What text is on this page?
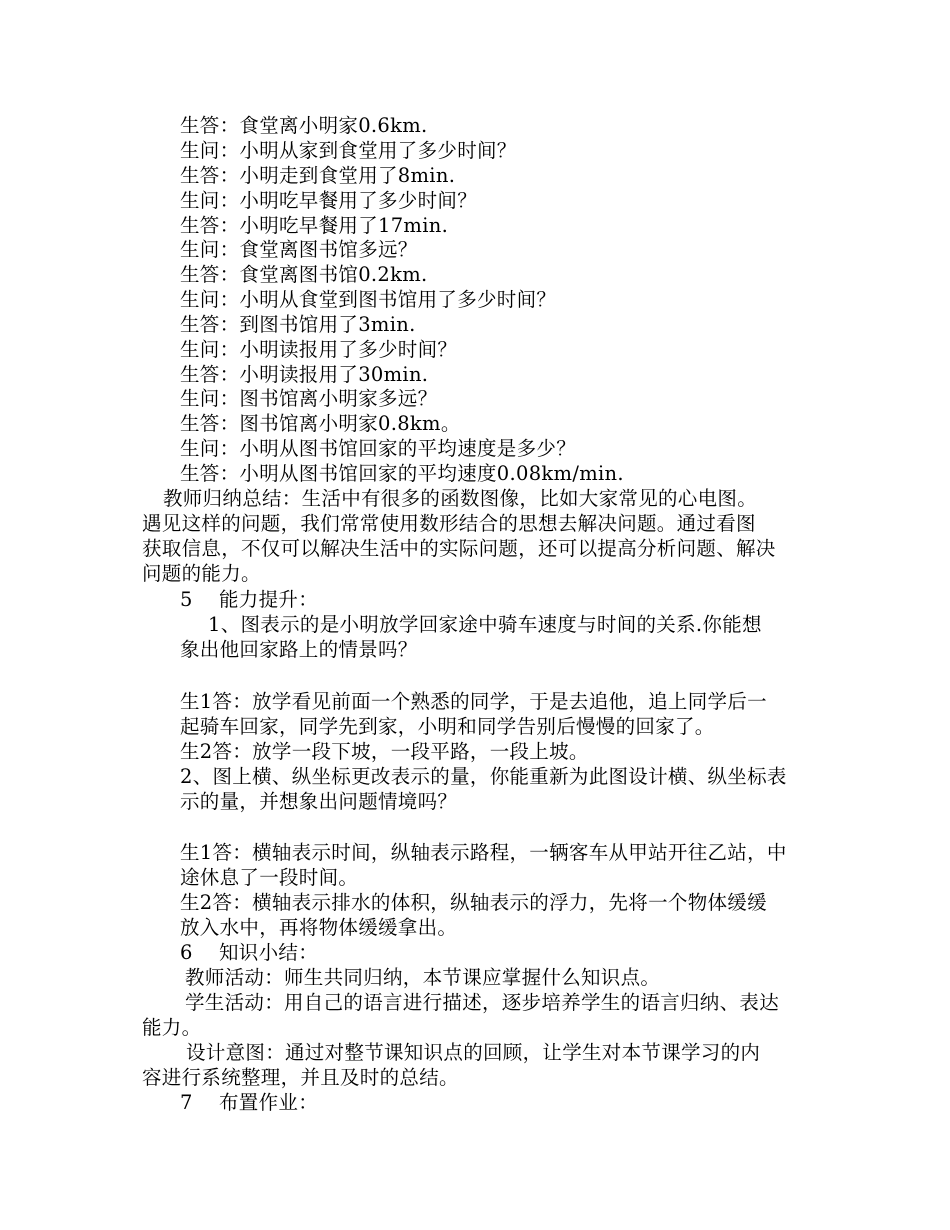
生答：食堂离小明家0.6km.
生问：小明从家到食堂用了多少时间？
生答：小明走到食堂用了8min.
生问：小明吃早餐用了多少时间？
生答：小明吃早餐用了17min.
生问：食堂离图书馆多远？
生答：食堂离图书馆0.2km.
生问：小明从食堂到图书馆用了多少时间？
生答：到图书馆用了3min.
生问：小明读报用了多少时间？
生答：小明读报用了30min.
生问：图书馆离小明家多远？
生答：图书馆离小明家0.8km。
生问：小明从图书馆回家的平均速度是多少？
生答：小明从图书馆回家的平均速度0.08km/min.
教师归纳总结：生活中有很多的函数图像，比如大家常见的心电图。
遇见这样的问题，我们常常使用数形结合的思想去解决问题。通过看图
获取信息，不仅可以解决生活中的实际问题，还可以提高分析问题、解决
问题的能力。
5　 能力提升：
1、图表示的是小明放学回家途中骑车速度与时间的关系.你能想
象出他回家路上的情景吗？
生1答：放学看见前面一个熟悉的同学，于是去追他，追上同学后一
起骑车回家，同学先到家，小明和同学告别后慢慢的回家了。
生2答：放学一段下坡，一段平路，一段上坡。
2、图上横、纵坐标更改表示的量，你能重新为此图设计横、纵坐标表
示的量，并想象出问题情境吗？
生1答：横轴表示时间，纵轴表示路程，一辆客车从甲站开往乙站，中
途休息了一段时间。
生2答：横轴表示排水的体积，纵轴表示的浮力，先将一个物体缓缓
放入水中，再将物体缓缓拿出。
6　 知识小结：
教师活动：师生共同归纳，本节课应掌握什么知识点。
学生活动：用自己的语言进行描述，逐步培养学生的语言归纳、表达
能力。
设计意图：通过对整节课知识点的回顾，让学生对本节课学习的内
容进行系统整理，并且及时的总结。
7　 布置作业：
